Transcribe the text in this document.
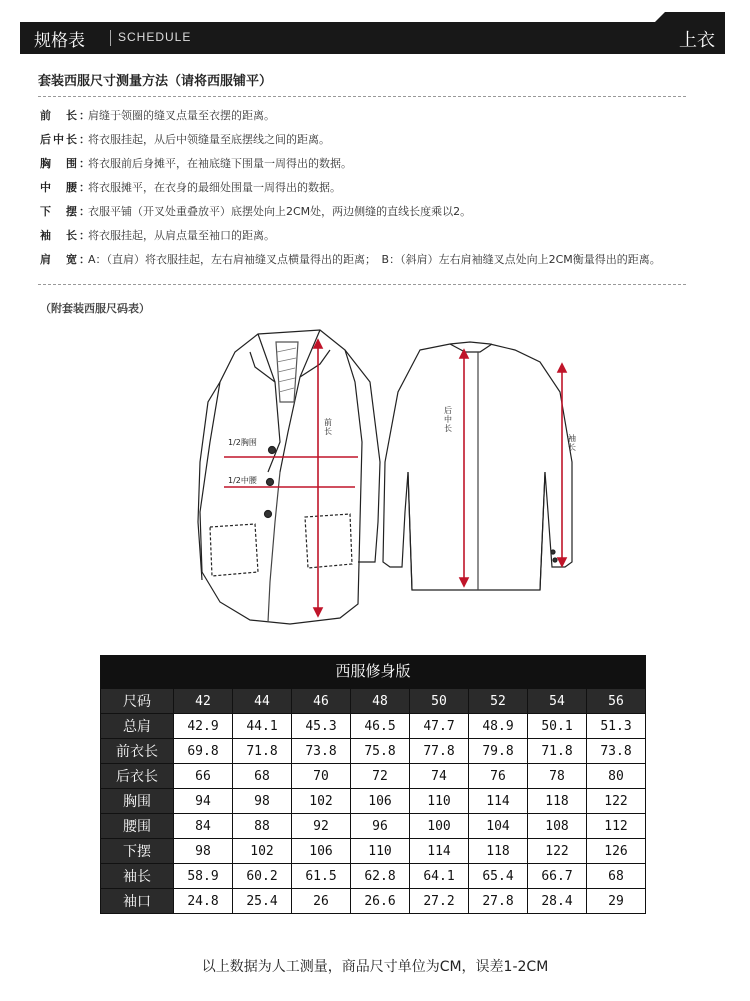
规格表	SCHEDULE	上衣
套装西服尺寸测量方法（请将西服铺平）
前　长：肩缝于领圈的缝叉点量至衣摆的距离。
后中长：将衣服挂起，从后中领缝量至底摆线之间的距离。
胸　围：将衣服前后身摊平，在袖底缝下围量一周得出的数据。
中　腰：将衣服摊平，在衣身的最细处围量一周得出的数据。
下　摆：衣服平铺（开叉处重叠放平）底摆处向上2CM处，两边侧缝的直线长度乘以2。
袖　长：将衣服挂起，从肩点量至袖口的距离。
肩　宽：A：（直肩）将衣服挂起，左右肩袖缝叉点横量得出的距离；　B：（斜肩）左右肩袖缝叉点处向上2CM衡量得出的距离。
（附套装西服尺码表）
前
长
1/2胸围
1/2中腰
后
中
长
袖
长
西服修身版
尺码	42	44	46	48	50	52	54	56
总肩	42.9	44.1	45.3	46.5	47.7	48.9	50.1	51.3
前衣长	69.8	71.8	73.8	75.8	77.8	79.8	71.8	73.8
后衣长	66	68	70	72	74	76	78	80
胸围	94	98	102	106	110	114	118	122
腰围	84	88	92	96	100	104	108	112
下摆	98	102	106	110	114	118	122	126
袖长	58.9	60.2	61.5	62.8	64.1	65.4	66.7	68
袖口	24.8	25.4	26	26.6	27.2	27.8	28.4	29
以上数据为人工测量，商品尺寸单位为CM，误差1-2CM
